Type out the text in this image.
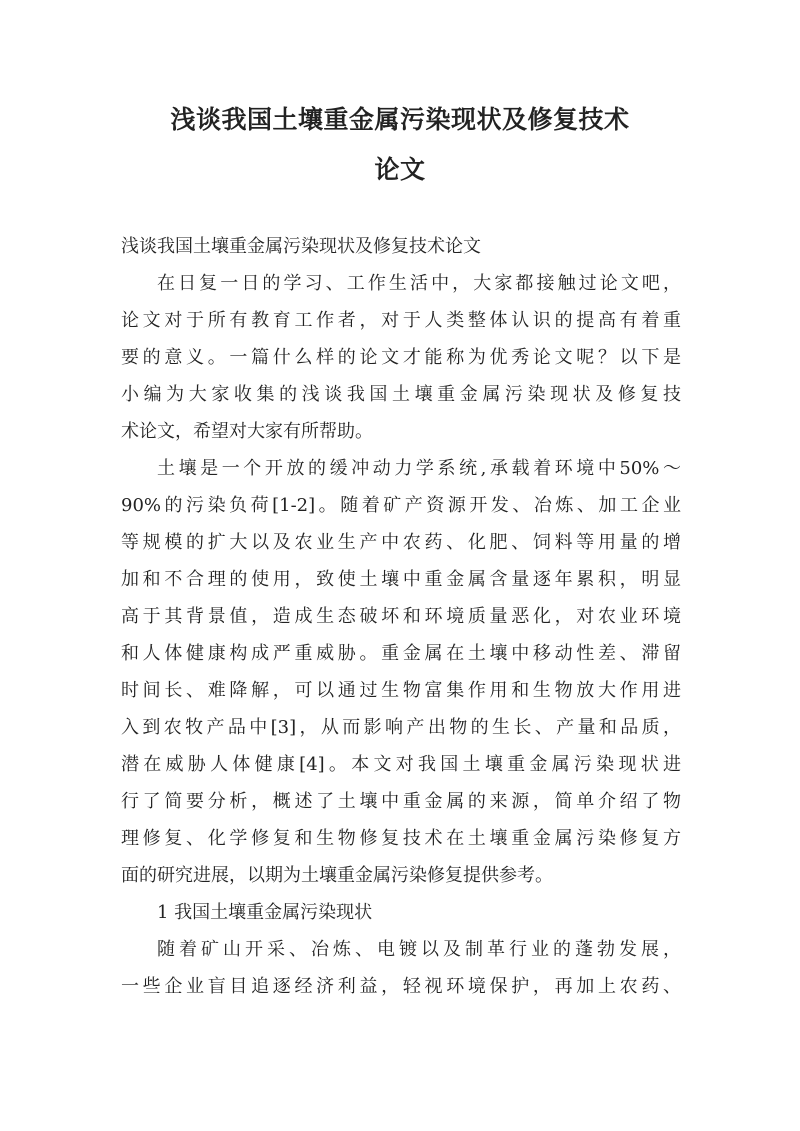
浅谈我国土壤重金属污染现状及修复技术
论文
浅谈我国土壤重金属污染现状及修复技术论文
在日复一日的学习、工作生活中，大家都接触过论文吧，
论文对于所有教育工作者，对于人类整体认识的提高有着重
要的意义。一篇什么样的论文才能称为优秀论文呢？以下是
小编为大家收集的浅谈我国土壤重金属污染现状及修复技
术论文，希望对大家有所帮助。
土壤是一个开放的缓冲动力学系统,承载着环境中50%～
90%的污染负荷[1-2]。随着矿产资源开发、冶炼、加工企业
等规模的扩大以及农业生产中农药、化肥、饲料等用量的增
加和不合理的使用，致使土壤中重金属含量逐年累积，明显
高于其背景值，造成生态破坏和环境质量恶化，对农业环境
和人体健康构成严重威胁。重金属在土壤中移动性差、滞留
时间长、难降解，可以通过生物富集作用和生物放大作用进
入到农牧产品中[3]，从而影响产出物的生长、产量和品质，
潜在威胁人体健康[4]。本文对我国土壤重金属污染现状进
行了简要分析，概述了土壤中重金属的来源，简单介绍了物
理修复、化学修复和生物修复技术在土壤重金属污染修复方
面的研究进展，以期为土壤重金属污染修复提供参考。
1 我国土壤重金属污染现状
随着矿山开采、冶炼、电镀以及制革行业的蓬勃发展，
一些企业盲目追逐经济利益，轻视环境保护，再加上农药、
